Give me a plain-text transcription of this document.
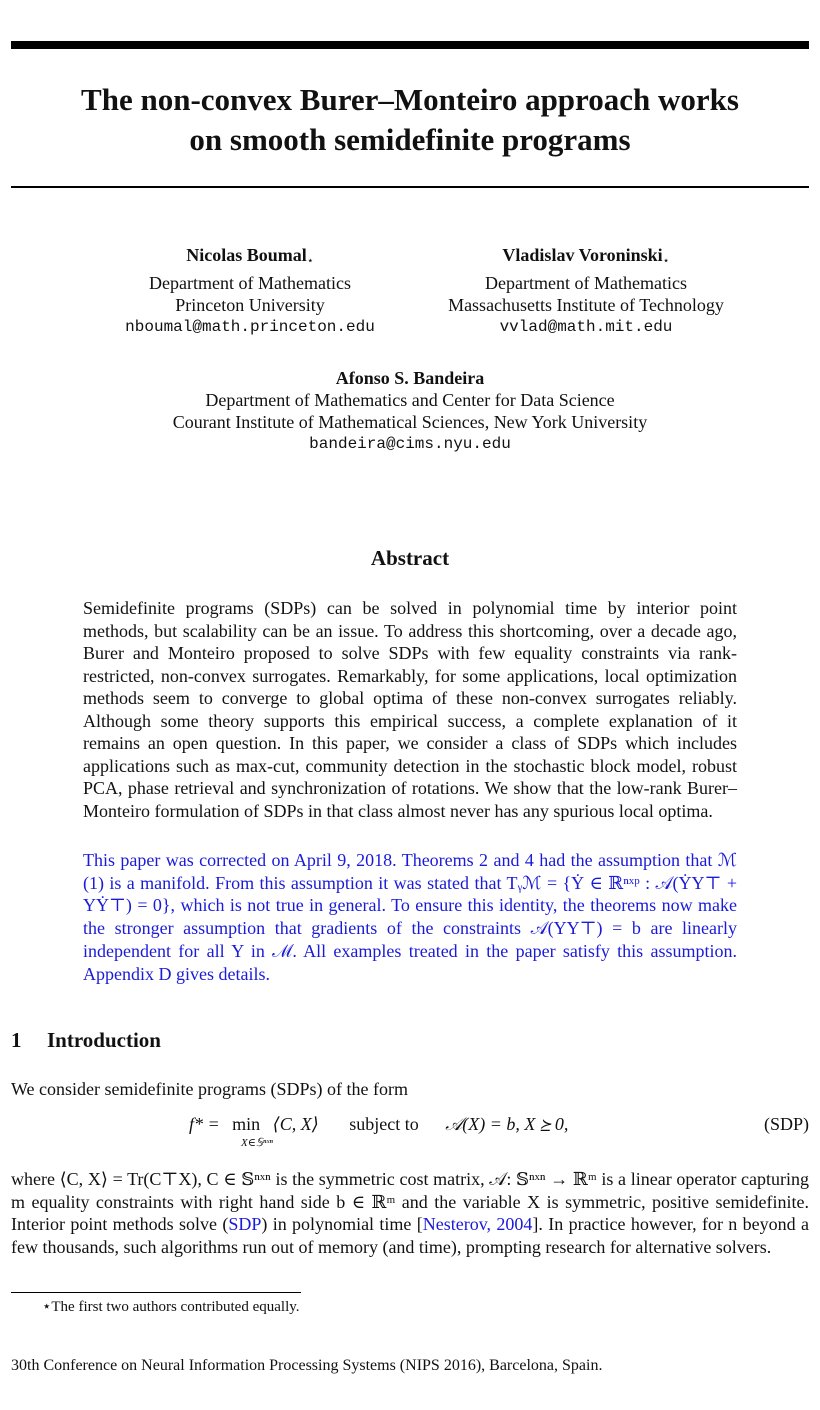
The non-convex Burer–Monteiro approach works
on smooth semidefinite programs
Nicolas Boumal⋆
Department of Mathematics
Princeton University
nboumal@math.princeton.edu
Vladislav Voroninski⋆
Department of Mathematics
Massachusetts Institute of Technology
vvlad@math.mit.edu
Afonso S. Bandeira
Department of Mathematics and Center for Data Science
Courant Institute of Mathematical Sciences, New York University
bandeira@cims.nyu.edu
Abstract
Semidefinite programs (SDPs) can be solved in polynomial time by interior point methods, but scalability can be an issue. To address this shortcoming, over a decade ago, Burer and Monteiro proposed to solve SDPs with few equality constraints via rank-restricted, non-convex surrogates. Remarkably, for some applications, local optimization methods seem to converge to global optima of these non-convex surrogates reliably. Although some theory supports this empirical success, a complete explanation of it remains an open question. In this paper, we consider a class of SDPs which includes applications such as max-cut, community detection in the stochastic block model, robust PCA, phase retrieval and synchronization of rotations. We show that the low-rank Burer–Monteiro formulation of SDPs in that class almost never has any spurious local optima.
This paper was corrected on April 9, 2018. Theorems 2 and 4 had the assumption that ℳ (1) is a manifold. From this assumption it was stated that Tᵧℳ = {Ẏ ∈ ℝⁿˣᵖ : 𝒜(ẎY⊤ + YẎ⊤) = 0}, which is not true in general. To ensure this identity, the theorems now make the stronger assumption that gradients of the constraints 𝒜(YY⊤) = b are linearly independent for all Y in ℳ. All examples treated in the paper satisfy this assumption. Appendix D gives details.
1 Introduction
We consider semidefinite programs (SDPs) of the form
f* = min ⟨C, X⟩ subject to 𝒜(X) = b, X ⪰ 0,
X∈𝕊ⁿˣⁿ
(SDP)
where ⟨C, X⟩ = Tr(C⊤X), C ∈ 𝕊ⁿˣⁿ is the symmetric cost matrix, 𝒜: 𝕊ⁿˣⁿ → ℝᵐ is a linear operator capturing m equality constraints with right hand side b ∈ ℝᵐ and the variable X is symmetric, positive semidefinite. Interior point methods solve (SDP) in polynomial time [Nesterov, 2004]. In practice however, for n beyond a few thousands, such algorithms run out of memory (and time), prompting research for alternative solvers.
⋆The first two authors contributed equally.
30th Conference on Neural Information Processing Systems (NIPS 2016), Barcelona, Spain.
